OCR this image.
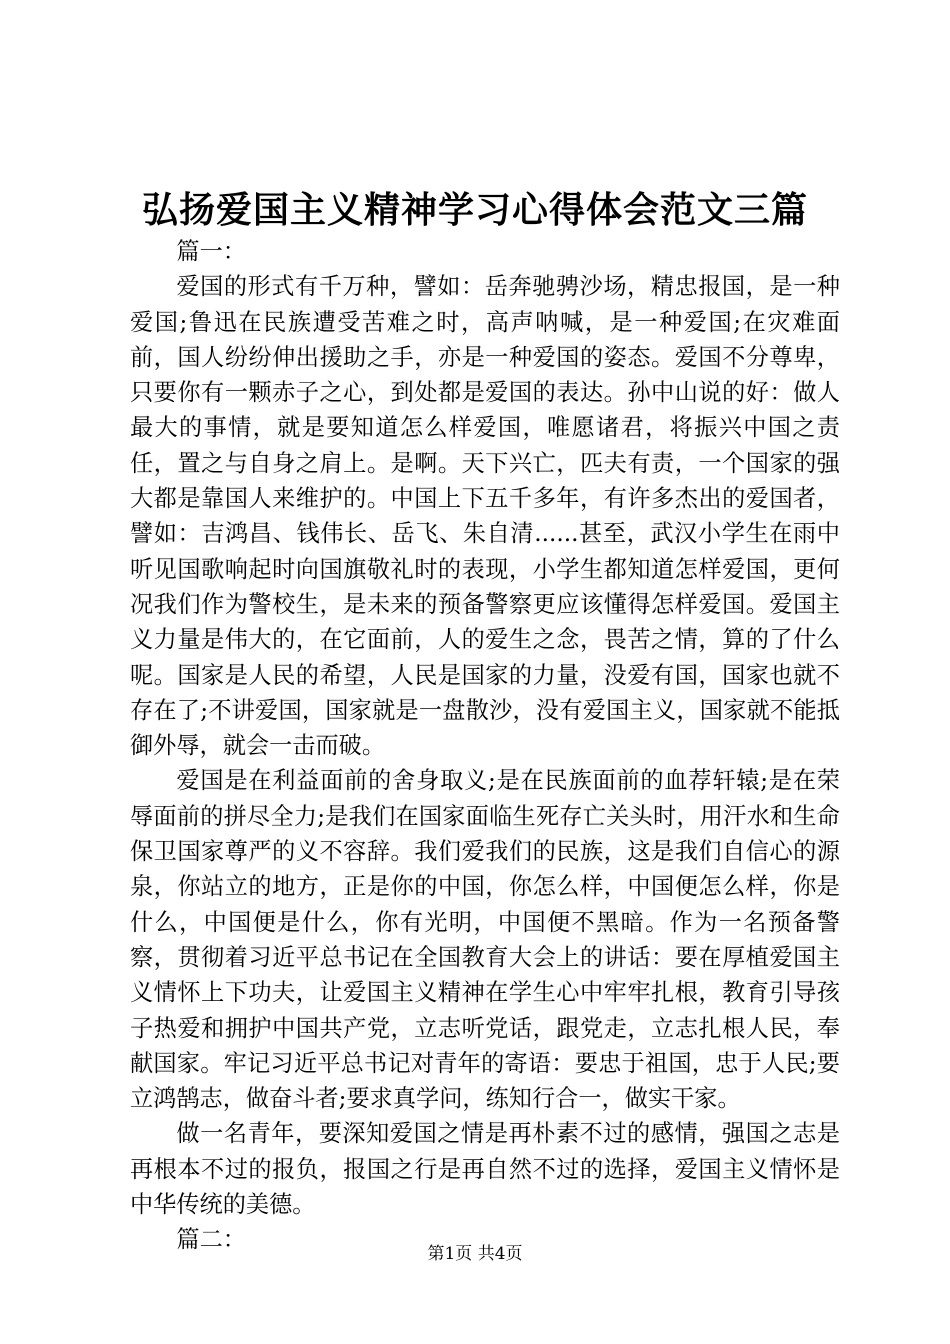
弘扬爱国主义精神学习心得体会范文三篇

篇一：

爱国的形式有千万种，譬如：岳奔驰骋沙场，精忠报国，是一种爱国;鲁迅在民族遭受苦难之时，高声呐喊，是一种爱国;在灾难面前，国人纷纷伸出援助之手，亦是一种爱国的姿态。爱国不分尊卑，只要你有一颗赤子之心，到处都是爱国的表达。孙中山说的好：做人最大的事情，就是要知道怎么样爱国，唯愿诸君，将振兴中国之责任，置之与自身之肩上。是啊。天下兴亡，匹夫有责，一个国家的强大都是靠国人来维护的。中国上下五千多年，有许多杰出的爱国者，譬如：吉鸿昌、钱伟长、岳飞、朱自清......甚至，武汉小学生在雨中听见国歌响起时向国旗敬礼时的表现，小学生都知道怎样爱国，更何况我们作为警校生，是未来的预备警察更应该懂得怎样爱国。爱国主义力量是伟大的，在它面前，人的爱生之念，畏苦之情，算的了什么呢。国家是人民的希望，人民是国家的力量，没爱有国，国家也就不存在了;不讲爱国，国家就是一盘散沙，没有爱国主义，国家就不能抵御外辱，就会一击而破。

爱国是在利益面前的舍身取义;是在民族面前的血荐轩辕;是在荣辱面前的拼尽全力;是我们在国家面临生死存亡关头时，用汗水和生命保卫国家尊严的义不容辞。我们爱我们的民族，这是我们自信心的源泉，你站立的地方，正是你的中国，你怎么样，中国便怎么样，你是什么，中国便是什么，你有光明，中国便不黑暗。作为一名预备警察，贯彻着习近平总书记在全国教育大会上的讲话：要在厚植爱国主义情怀上下功夫，让爱国主义精神在学生心中牢牢扎根，教育引导孩子热爱和拥护中国共产党，立志听党话，跟党走，立志扎根人民，奉献国家。牢记习近平总书记对青年的寄语：要忠于祖国，忠于人民;要立鸿鹄志，做奋斗者;要求真学问，练知行合一，做实干家。

做一名青年，要深知爱国之情是再朴素不过的感情，强国之志是再根本不过的报负，报国之行是再自然不过的选择，爱国主义情怀是中华传统的美德。

篇二：

第1页 共4页
